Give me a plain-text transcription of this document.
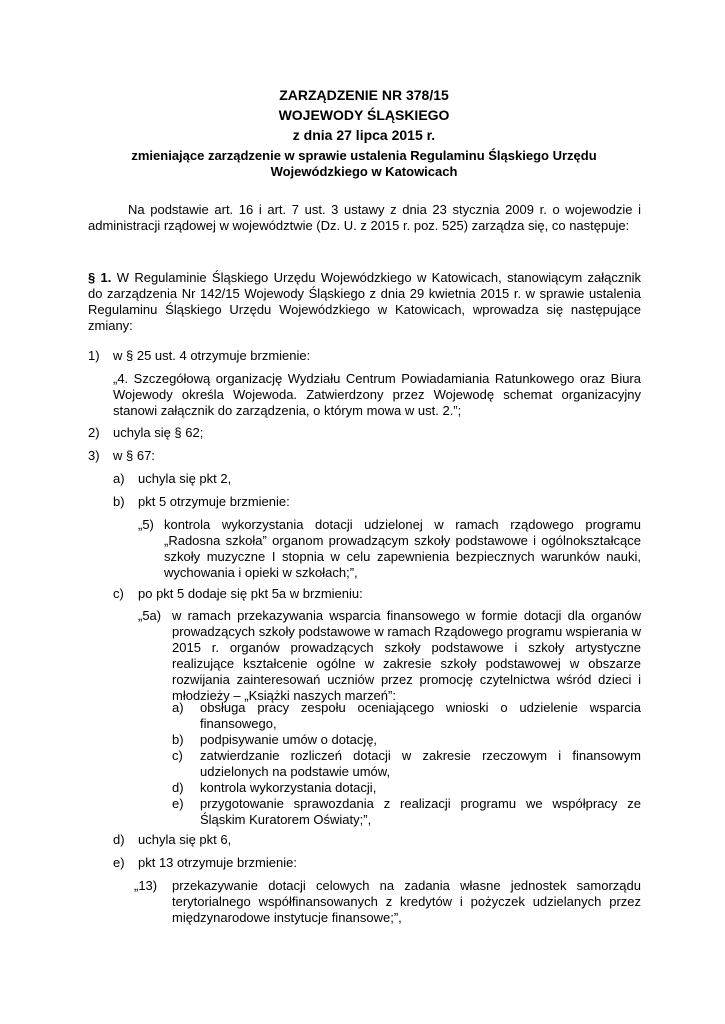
ZARZĄDZENIE NR 378/15
WOJEWODY ŚLĄSKIEGO
z dnia 27 lipca 2015 r.
zmieniające zarządzenie w sprawie ustalenia Regulaminu Śląskiego Urzędu
Wojewódzkiego w Katowicach
Na podstawie art. 16 i art. 7 ust. 3 ustawy z dnia 23 stycznia 2009 r. o wojewodzie i administracji rządowej w województwie (Dz. U. z 2015 r. poz. 525) zarządza się, co następuje:
§ 1. W Regulaminie Śląskiego Urzędu Wojewódzkiego w Katowicach, stanowiącym załącznik do zarządzenia Nr 142/15 Wojewody Śląskiego z dnia 29 kwietnia 2015 r. w sprawie ustalenia Regulaminu Śląskiego Urzędu Wojewódzkiego w Katowicach, wprowadza się następujące zmiany:
1) w § 25 ust. 4 otrzymuje brzmienie:
„4. Szczegółową organizację Wydziału Centrum Powiadamiania Ratunkowego oraz Biura Wojewody określa Wojewoda. Zatwierdzony przez Wojewodę schemat organizacyjny stanowi załącznik do zarządzenia, o którym mowa w ust. 2.”;
2) uchyla się § 62;
3) w § 67:
a) uchyla się pkt 2,
b) pkt 5 otrzymuje brzmienie:
„5) kontrola wykorzystania dotacji udzielonej w ramach rządowego programu „Radosna szkoła” organom prowadzącym szkoły podstawowe i ogólnokształcące szkoły muzyczne I stopnia w celu zapewnienia bezpiecznych warunków nauki, wychowania i opieki w szkołach;”,
c) po pkt 5 dodaje się pkt 5a w brzmieniu:
„5a) w ramach przekazywania wsparcia finansowego w formie dotacji dla organów prowadzących szkoły podstawowe w ramach Rządowego programu wspierania w 2015 r. organów prowadzących szkoły podstawowe i szkoły artystyczne realizujące kształcenie ogólne w zakresie szkoły podstawowej w obszarze rozwijania zainteresowań uczniów przez promocję czytelnictwa wśród dzieci i młodzieży – „Książki naszych marzeń”:
a) obsługa pracy zespołu oceniającego wnioski o udzielenie wsparcia finansowego,
b) podpisywanie umów o dotację,
c) zatwierdzanie rozliczeń dotacji w zakresie rzeczowym i finansowym udzielonych na podstawie umów,
d) kontrola wykorzystania dotacji,
e) przygotowanie sprawozdania z realizacji programu we współpracy ze Śląskim Kuratorem Oświaty;”,
d) uchyla się pkt 6,
e) pkt 13 otrzymuje brzmienie:
„13) przekazywanie dotacji celowych na zadania własne jednostek samorządu terytorialnego współfinansowanych z kredytów i pożyczek udzielanych przez międzynarodowe instytucje finansowe;”,
